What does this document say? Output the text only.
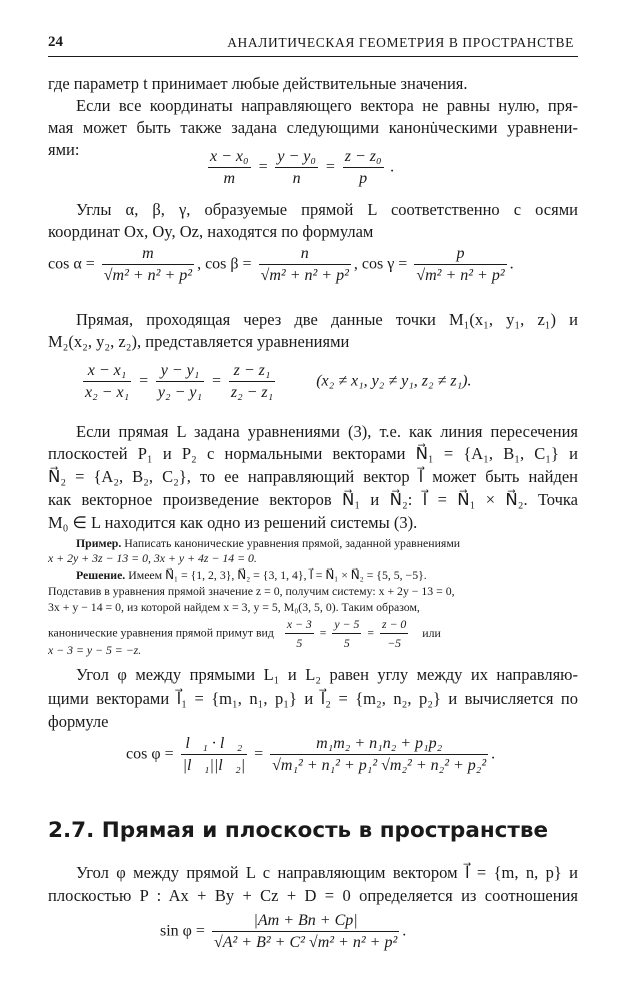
24	АНАЛИТИЧЕСКАЯ ГЕОМЕТРИЯ В ПРОСТРАНСТВЕ
где параметр t принимает любые действительные значения.
Если все координаты направляющего вектора не равны нулю, пря-
мая может быть также задана следующими канонu̇ческими уравнени-
ями:	$\frac{\text{x − x₀}}{m} = \frac{\text{y − y₀}}{n} = \frac{\text{z − z₀}}{p}$ .
Углы α, β, γ, образуемые прямой L соответственно с осями
координат Ox, Oy, Oz, находятся по формулам
$\cos \alpha = \frac{m}{\text{√m² + n² + p²}}$ , $\cos \beta = \frac{n}{\text{√m² + n² + p²}}$ , $\cos \gamma = \frac{p}{\text{√m² + n² + p²}}$ .
Прямая, проходящая через две данные точки M₁(x₁, y₁, z₁) и
M₂(x₂, y₂, z₂), представляется уравнениями
$\frac{\text{x − x₁}}{\text{x₂ − x₁}} = \frac{\text{y − y₁}}{\text{y₂ − y₁}} = \frac{\text{z − z₁}}{\text{z₂ − z₁}}$	(x₂ ≠ x₁, y₂ ≠ y₁, z₂ ≠ z₁).
Если прямая L задана уравнениями (3), т.е. как линия пересечения
плоскостей P₁ и P₂ с нормальными векторами N⃗₁ = {A₁, B₁, C₁} и
N⃗₂ = {A₂, B₂, C₂}, то ее направляющий вектор l⃗ может быть найден
как векторное произведение векторов N⃗₁ и N⃗₂: l⃗ = N⃗₁ × N⃗₂. Точка
M₀ ∈ L находится как одно из решений системы (3).
Пример. Написать канонические уравнения прямой, заданной уравнениями
x + 2y + 3z − 13 = 0, 3x + y + 4z − 14 = 0.
Решение. Имеем N⃗₁ = {1, 2, 3}, N⃗₂ = {3, 1, 4}, l⃗ = N⃗₁ × N⃗₂ = {5, 5, −5}.
Подставив в уравнения прямой значение z = 0, получим систему: x + 2y − 13 = 0,
3x + y − 14 = 0, из которой найдем x = 3, y = 5, M₀(3, 5, 0). Таким образом,
канонические уравнения прямой примут вид $\frac{x - 3}{5} = \frac{y - 5}{5} = \frac{z - 0}{-5}$ или
x − 3 = y − 5 = −z.
Угол φ между прямыми L₁ и L₂ равен углу между их направляю-
щими векторами l⃗₁ = {m₁, n₁, p₁} и l⃗₂ = {m₂, n₂, p₂} и вычисляется по
формуле
$\cos \varphi = \frac{\text{l⃗₁ · l⃗₂}}{\text{|l⃗₁||l⃗₂|}} = \frac{\text{m₁m₂ + n₁n₂ + p₁p₂}}{\text{√m₁² + n₁² + p₁² √m₂² + n₂² + p₂²}}$ .
2.7. Прямая и плоскость в пространстве
Угол φ между прямой L с направляющим вектором l⃗ = {m, n, p} и
плоскостью P : Ax + By + Cz + D = 0 определяется из соотношения
$\sin \varphi = \frac{|Am + Bn + Cp|}{\text{√A² + B² + C² √m² + n² + p²}}$ .
